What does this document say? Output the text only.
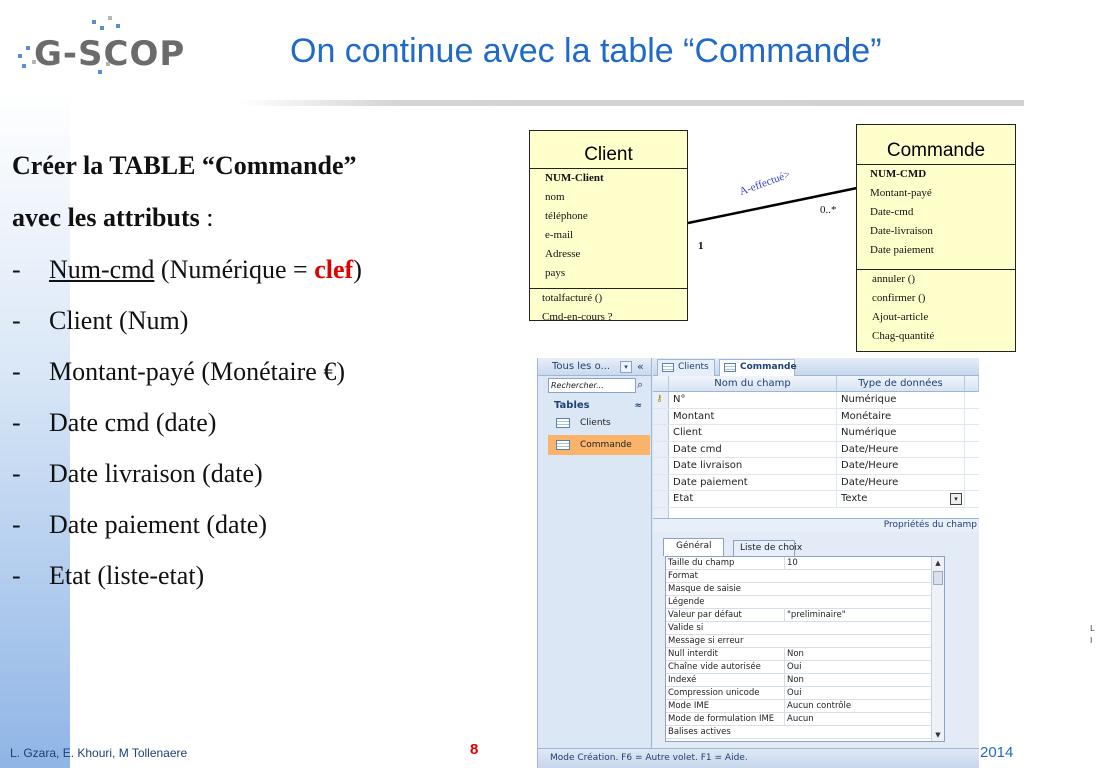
G-SCOP	On continue avec la table “Commande”
Créer la TABLE “Commande”
avec les attributs :
- Num-cmd (Numérique = clef)
- Client (Num)
- Montant-payé (Monétaire €)
- Date cmd (date)
- Date livraison (date)
- Date paiement (date)
- Etat (liste-etat)
A-effectué>
1
0..*
Client
NUM-Client
nom
téléphone
e-mail
Adresse
pays
totalfacturé ()
Cmd-en-cours ?
Commande
NUM-CMD
Montant-payé
Date-cmd
Date-livraison
Date paiement
annuler ()
confirmer ()
Ajout-article
Chag-quantité
Tous les o...	▾ «
Rechercher...	⌕
Tables	≈
Clients
Commande
Clients	Commande
Nom du champ	Type de données
⚷	N°	Numérique
Montant	Monétaire
Client	Numérique
Date cmd	Date/Heure
Date livraison	Date/Heure
Date paiement	Date/Heure
Etat	Texte	▾
Propriétés du champ
Général	Liste de choix
Taille du champ	10
Format
Masque de saisie
Légende
Valeur par défaut	"preliminaire"
Valide si
Message si erreur
Null interdit	Non
Chaîne vide autorisée	Oui
Indexé	Non
Compression unicode	Oui
Mode IME	Aucun contrôle
Mode de formulation IME	Aucun
Balises actives
▲
▼
L
I
Mode Création. F6 = Autre volet. F1 = Aide.
L. Gzara, E. Khouri, M Tollenaere	8	2014
